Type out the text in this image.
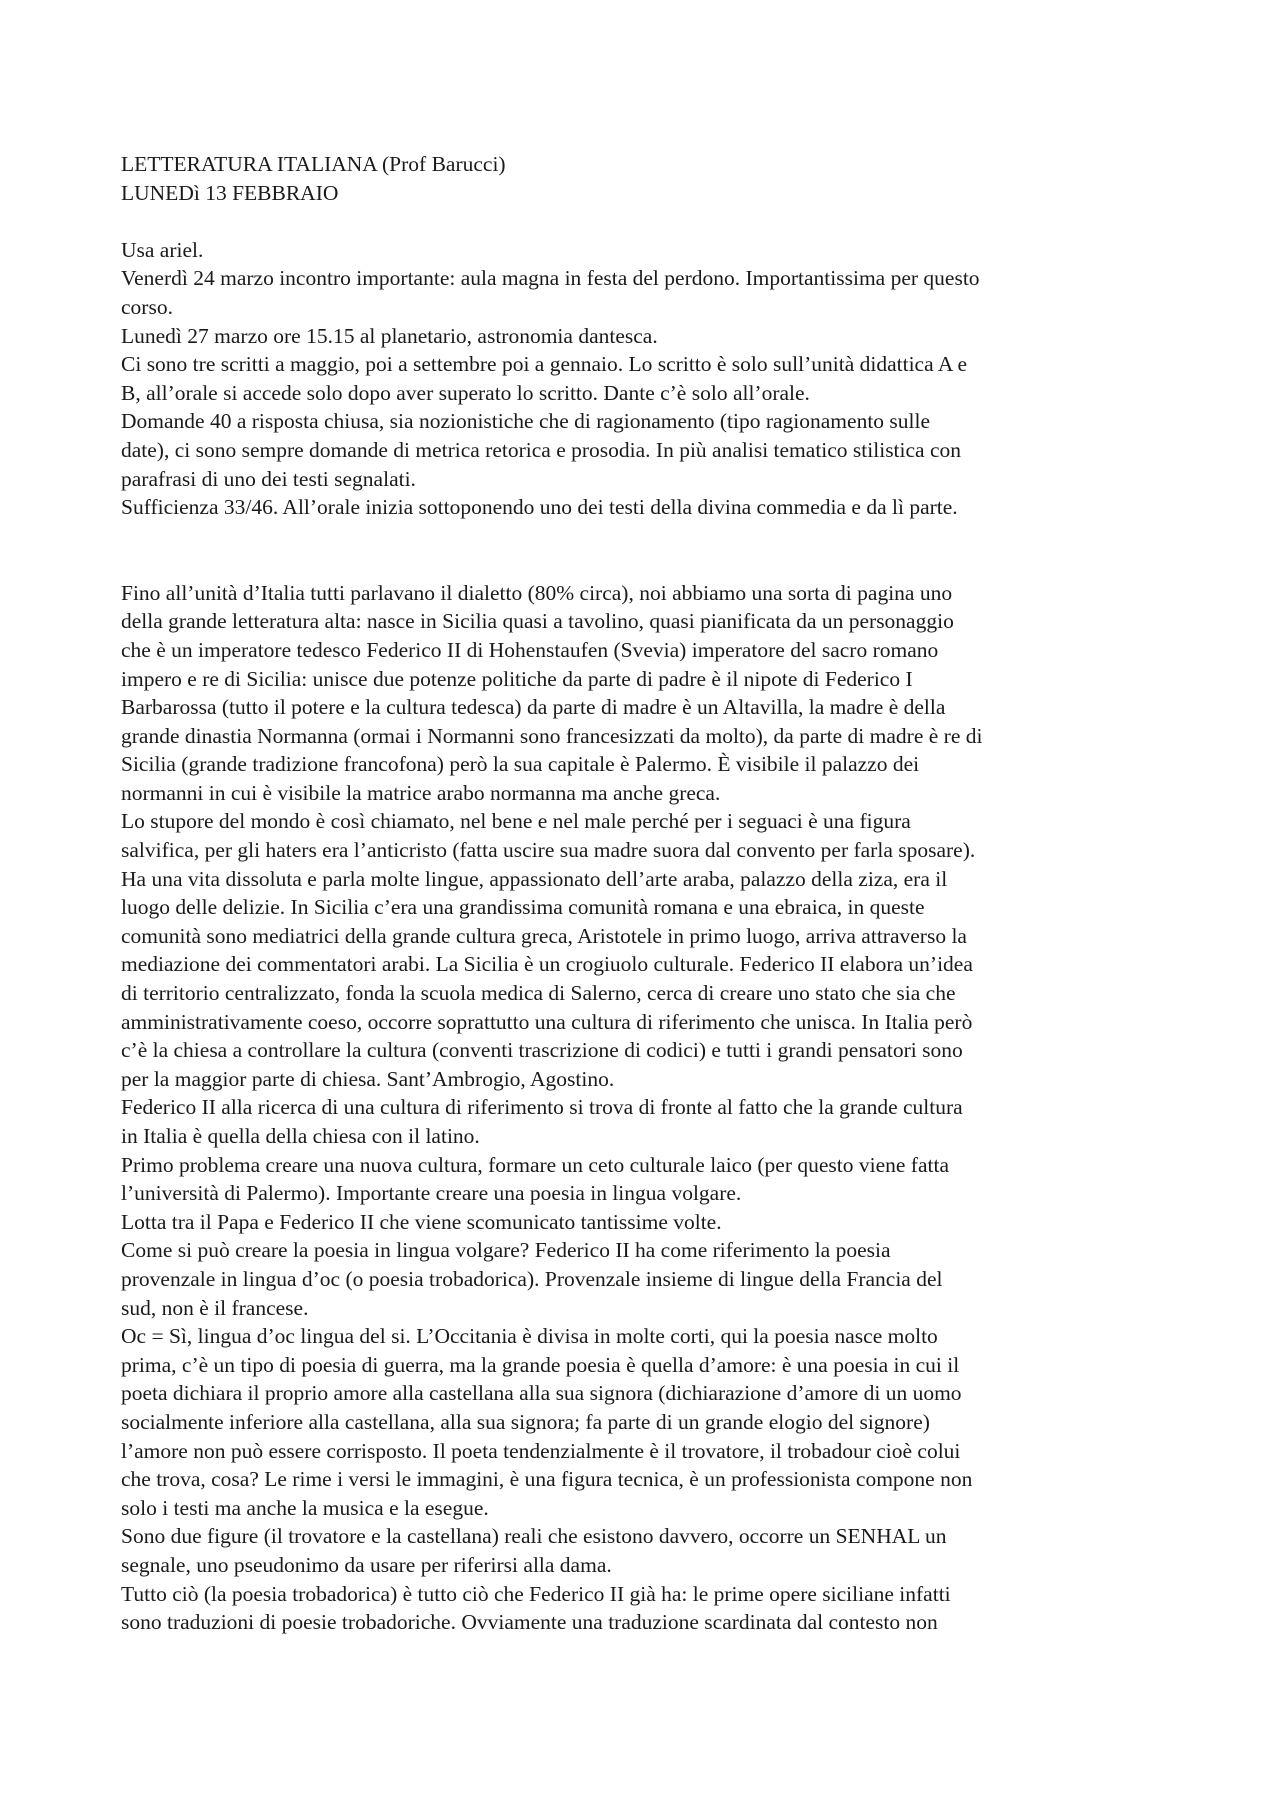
LETTERATURA ITALIANA (Prof Barucci)
LUNEDì 13 FEBBRAIO
Usa ariel.
Venerdì 24 marzo incontro importante: aula magna in festa del perdono. Importantissima per questo
corso.
Lunedì 27 marzo ore 15.15 al planetario, astronomia dantesca.
Ci sono tre scritti a maggio, poi a settembre poi a gennaio. Lo scritto è solo sull’unità didattica A e
B, all’orale si accede solo dopo aver superato lo scritto. Dante c’è solo all’orale.
Domande 40 a risposta chiusa, sia nozionistiche che di ragionamento (tipo ragionamento sulle
date), ci sono sempre domande di metrica retorica e prosodia. In più analisi tematico stilistica con
parafrasi di uno dei testi segnalati.
Sufficienza 33/46. All’orale inizia sottoponendo uno dei testi della divina commedia e da lì parte.
Fino all’unità d’Italia tutti parlavano il dialetto (80% circa), noi abbiamo una sorta di pagina uno
della grande letteratura alta: nasce in Sicilia quasi a tavolino, quasi pianificata da un personaggio
che è un imperatore tedesco Federico II di Hohenstaufen (Svevia) imperatore del sacro romano
impero e re di Sicilia: unisce due potenze politiche da parte di padre è il nipote di Federico I
Barbarossa (tutto il potere e la cultura tedesca) da parte di madre è un Altavilla, la madre è della
grande dinastia Normanna (ormai i Normanni sono francesizzati da molto), da parte di madre è re di
Sicilia (grande tradizione francofona) però la sua capitale è Palermo. È visibile il palazzo dei
normanni in cui è visibile la matrice arabo normanna ma anche greca.
Lo stupore del mondo è così chiamato, nel bene e nel male perché per i seguaci è una figura
salvifica, per gli haters era l’anticristo (fatta uscire sua madre suora dal convento per farla sposare).
Ha una vita dissoluta e parla molte lingue, appassionato dell’arte araba, palazzo della ziza, era il
luogo delle delizie. In Sicilia c’era una grandissima comunità romana e una ebraica, in queste
comunità sono mediatrici della grande cultura greca, Aristotele in primo luogo, arriva attraverso la
mediazione dei commentatori arabi. La Sicilia è un crogiuolo culturale. Federico II elabora un’idea
di territorio centralizzato, fonda la scuola medica di Salerno, cerca di creare uno stato che sia che
amministrativamente coeso, occorre soprattutto una cultura di riferimento che unisca. In Italia però
c’è la chiesa a controllare la cultura (conventi trascrizione di codici) e tutti i grandi pensatori sono
per la maggior parte di chiesa. Sant’Ambrogio, Agostino.
Federico II alla ricerca di una cultura di riferimento si trova di fronte al fatto che la grande cultura
in Italia è quella della chiesa con il latino.
Primo problema creare una nuova cultura, formare un ceto culturale laico (per questo viene fatta
l’università di Palermo). Importante creare una poesia in lingua volgare.
Lotta tra il Papa e Federico II che viene scomunicato tantissime volte.
Come si può creare la poesia in lingua volgare? Federico II ha come riferimento la poesia
provenzale in lingua d’oc (o poesia trobadorica). Provenzale insieme di lingue della Francia del
sud, non è il francese.
Oc = Sì, lingua d’oc lingua del si. L’Occitania è divisa in molte corti, qui la poesia nasce molto
prima, c’è un tipo di poesia di guerra, ma la grande poesia è quella d’amore: è una poesia in cui il
poeta dichiara il proprio amore alla castellana alla sua signora (dichiarazione d’amore di un uomo
socialmente inferiore alla castellana, alla sua signora; fa parte di un grande elogio del signore)
l’amore non può essere corrisposto. Il poeta tendenzialmente è il trovatore, il trobadour cioè colui
che trova, cosa? Le rime i versi le immagini, è una figura tecnica, è un professionista compone non
solo i testi ma anche la musica e la esegue.
Sono due figure (il trovatore e la castellana) reali che esistono davvero, occorre un SENHAL un
segnale, uno pseudonimo da usare per riferirsi alla dama.
Tutto ciò (la poesia trobadorica) è tutto ciò che Federico II già ha: le prime opere siciliane infatti
sono traduzioni di poesie trobadoriche. Ovviamente una traduzione scardinata dal contesto non
